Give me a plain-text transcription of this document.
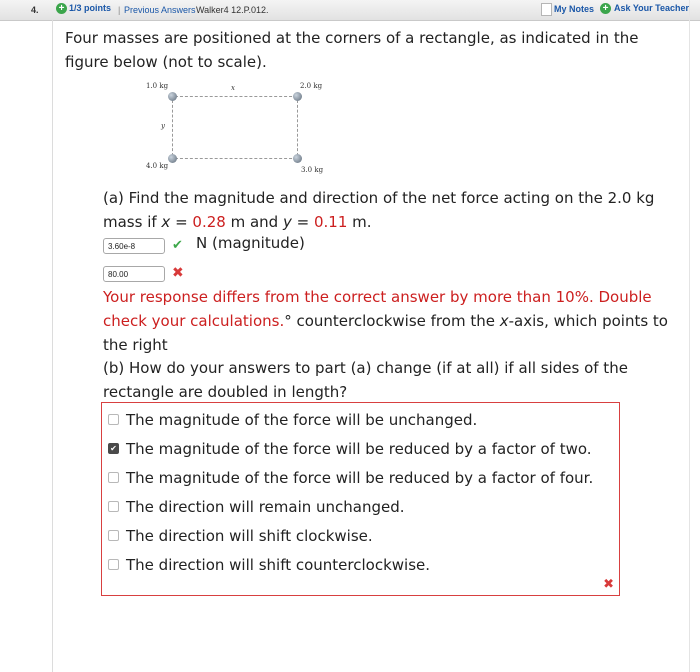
4. + 1/3 points | Previous Answers Walker4 12.P.012.	My Notes + Ask Your Teacher
Four masses are positioned at the corners of a rectangle, as indicated in the figure below (not to scale).
1.0 kg	2.0 kg
x
y
4.0 kg	3.0 kg
(a) Find the magnitude and direction of the net force acting on the 2.0 kg mass if x = 0.28 m and y = 0.11 m.
3.60e-8	✔ N (magnitude)
80.00	✖
Your response differs from the correct answer by more than 10%. Double check your calculations.° counterclockwise from the x-axis, which points to the right
(b) How do your answers to part (a) change (if at all) if all sides of the rectangle are doubled in length?
The magnitude of the force will be unchanged.
✔ The magnitude of the force will be reduced by a factor of two.
The magnitude of the force will be reduced by a factor of four.
The direction will remain unchanged.
The direction will shift clockwise.
The direction will shift counterclockwise.
✖
